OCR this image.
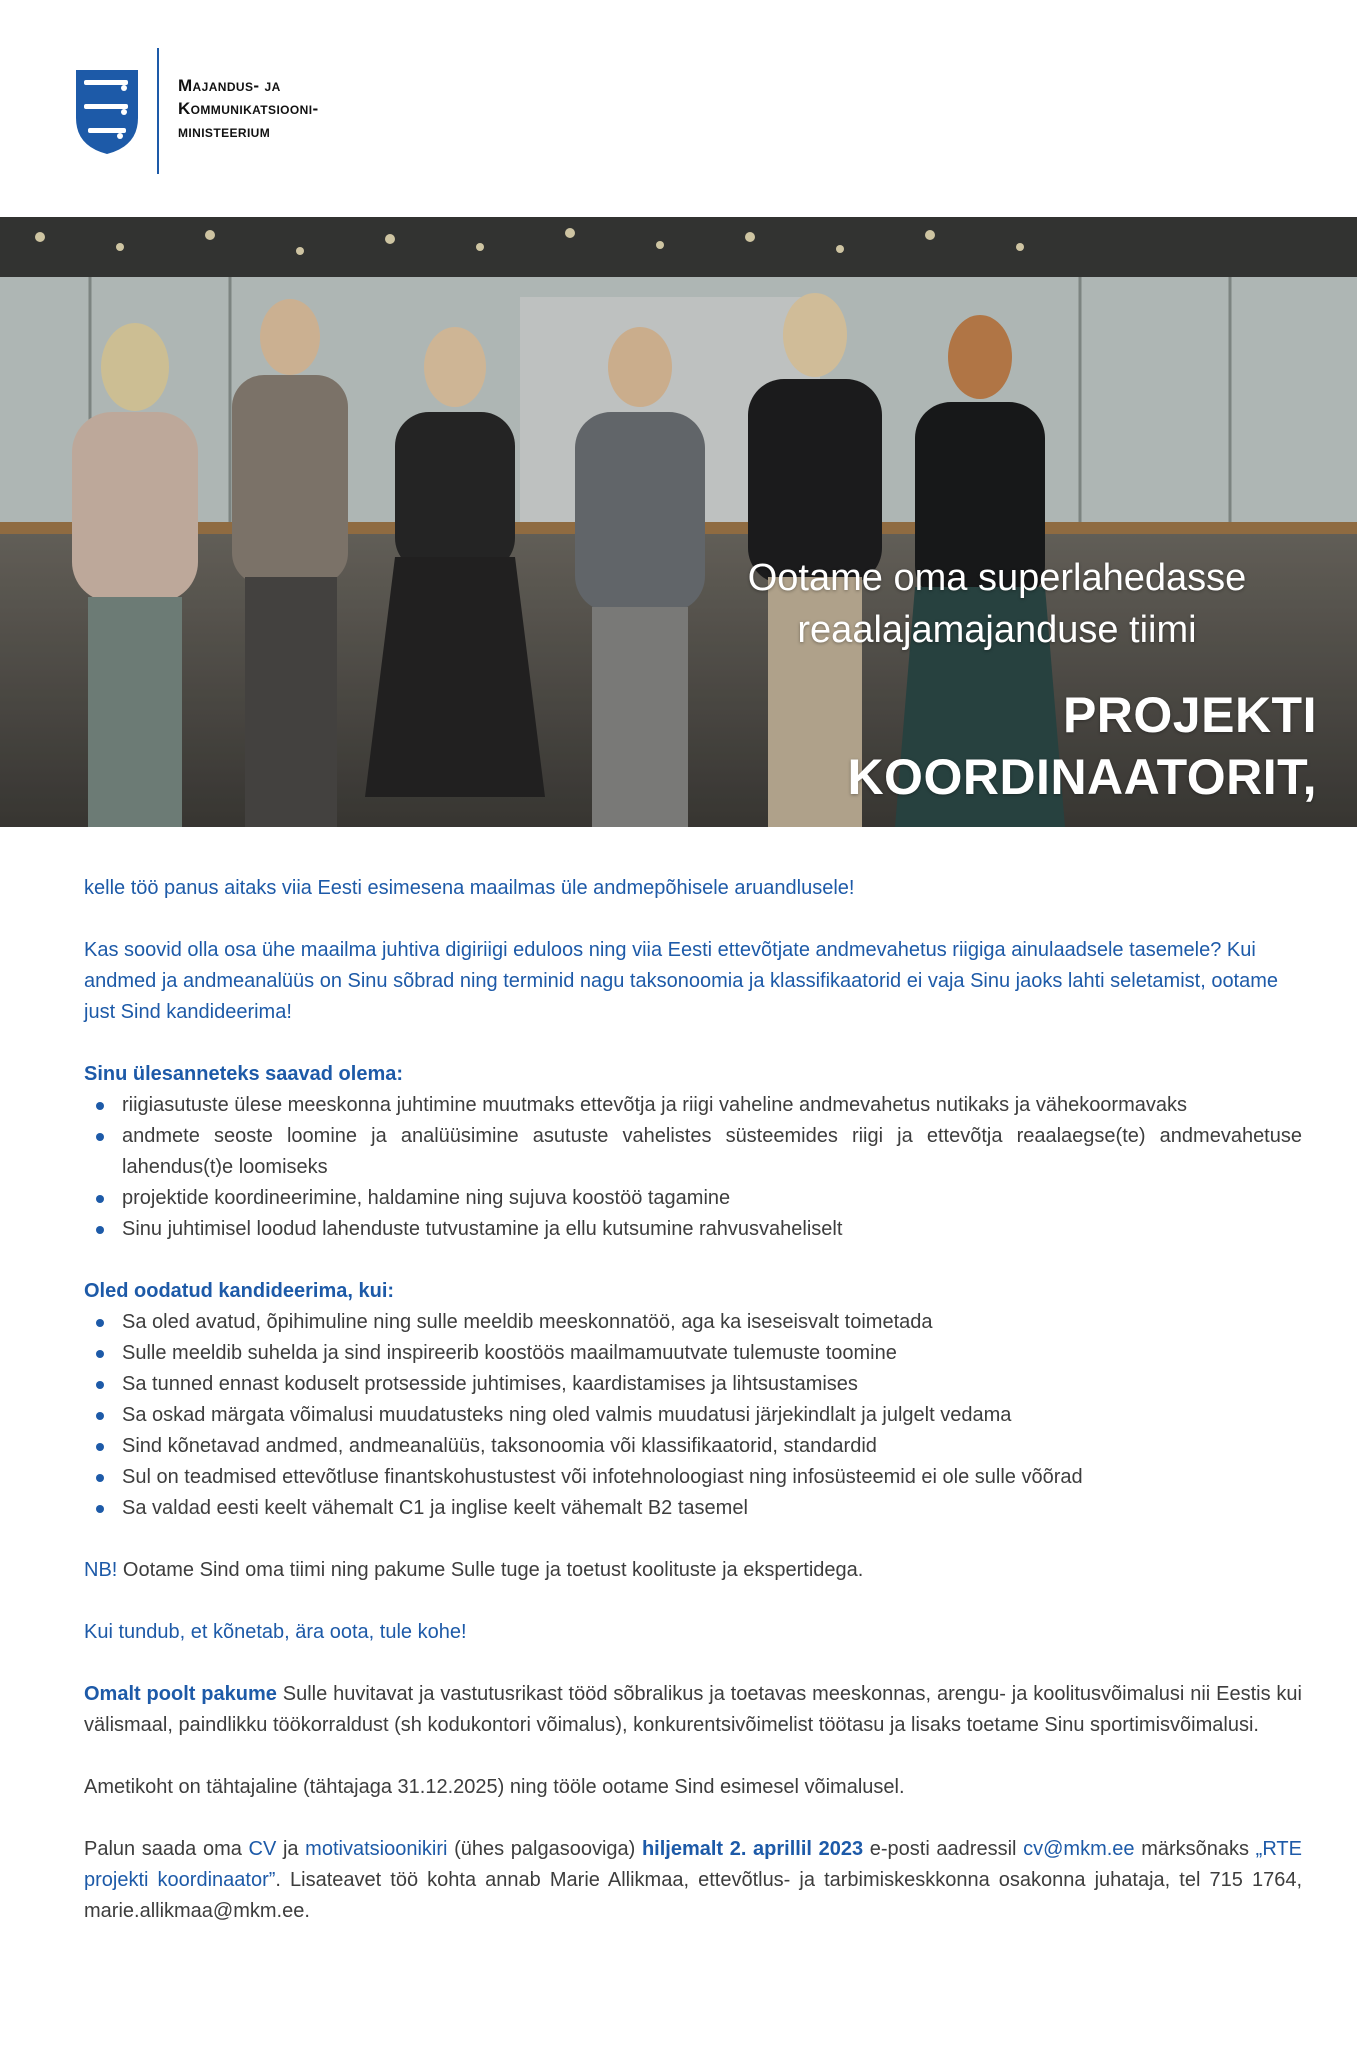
Majandus- ja
Kommunikatsiooni-
ministeerium
Ootame oma superlahedasse
reaalajamajanduse tiimi
PROJEKTI KOORDINAATORIT,

kelle töö panus aitaks viia Eesti esimesena maailmas üle andmepõhisele aruandlusele!

Kas soovid olla osa ühe maailma juhtiva digiriigi eduloos ning viia Eesti ettevõtjate andmevahetus riigiga ainulaadsele tasemele? Kui andmed ja andmeanalüüs on Sinu sõbrad ning terminid nagu taksonoomia ja klassifikaatorid ei vaja Sinu jaoks lahti seletamist, ootame just Sind kandideerima!

Sinu ülesanneteks saavad olema:
riigiasutuste ülese meeskonna juhtimine muutmaks ettevõtja ja riigi vaheline andmevahetus nutikaks ja vähekoormavaks
andmete seoste loomine ja analüüsimine asutuste vahelistes süsteemides riigi ja ettevõtja reaalaegse(te) andmevahetuse lahendus(t)e loomiseks
projektide koordineerimine, haldamine ning sujuva koostöö tagamine
Sinu juhtimisel loodud lahenduste tutvustamine ja ellu kutsumine rahvusvaheliselt
Oled oodatud kandideerima, kui:
Sa oled avatud, õpihimuline ning sulle meeldib meeskonnatöö, aga ka iseseisvalt toimetada
Sulle meeldib suhelda ja sind inspireerib koostöös maailmamuutvate tulemuste toomine
Sa tunned ennast koduselt protsesside juhtimises, kaardistamises ja lihtsustamises
Sa oskad märgata võimalusi muudatusteks ning oled valmis muudatusi järjekindlalt ja julgelt vedama
Sind kõnetavad andmed, andmeanalüüs, taksonoomia või klassifikaatorid, standardid
Sul on teadmised ettevõtluse finantskohustustest või infotehnoloogiast ning infosüsteemid ei ole sulle võõrad
Sa valdad eesti keelt vähemalt C1 ja inglise keelt vähemalt B2 tasemel

NB! Ootame Sind oma tiimi ning pakume Sulle tuge ja toetust koolituste ja ekspertidega.

Kui tundub, et kõnetab, ära oota, tule kohe!

Omalt poolt pakume Sulle huvitavat ja vastutusrikast tööd sõbralikus ja toetavas meeskonnas, arengu- ja koolitusvõimalusi nii Eestis kui välismaal, paindlikku töökorraldust (sh kodukontori võimalus), konkurentsivõimelist töötasu ja lisaks toetame Sinu sportimisvõimalusi.

Ametikoht on tähtajaline (tähtajaga 31.12.2025) ning tööle ootame Sind esimesel võimalusel.

Palun saada oma CV ja motivatsioonikiri (ühes palgasooviga) hiljemalt 2. aprillil 2023 e-posti aadressil cv@mkm.ee märksõnaks „RTE projekti koordinaator”. Lisateavet töö kohta annab Marie Allikmaa, ettevõtlus- ja tarbimiskeskkonna osakonna juhataja, tel 715 1764, marie.allikmaa@mkm.ee.
